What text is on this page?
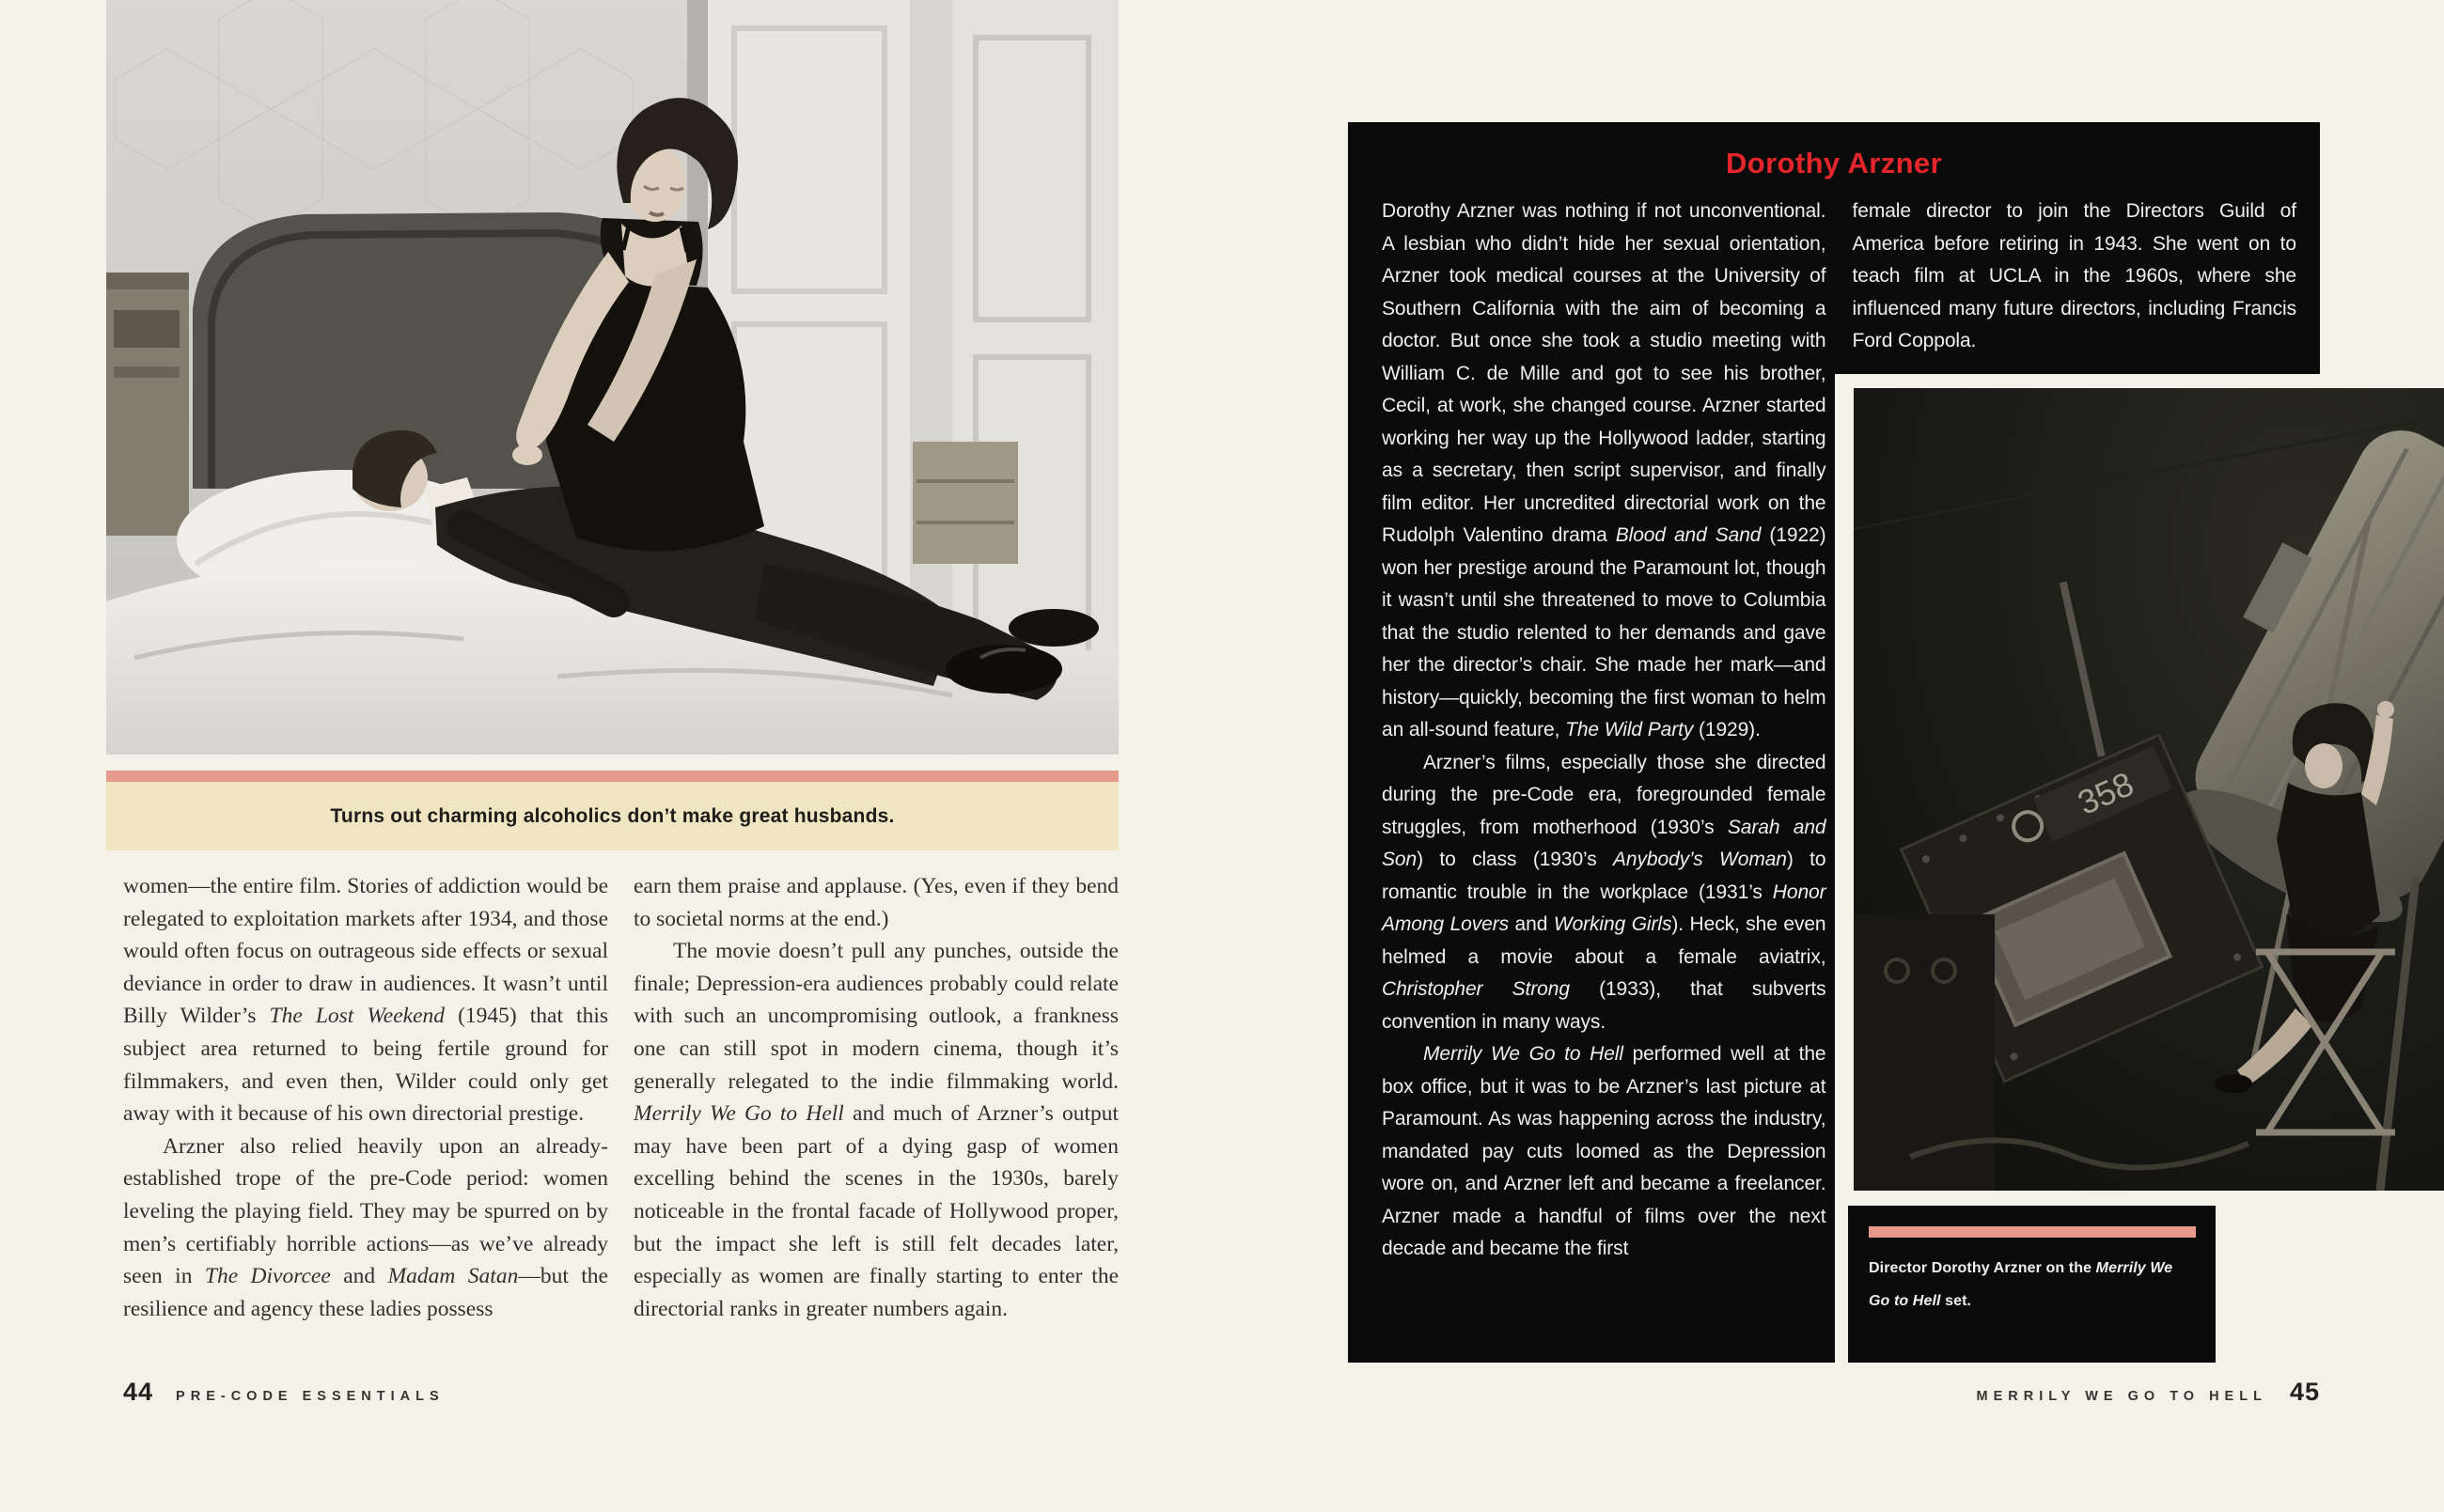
Turns out charming alcoholics don’t make great husbands.

women—the entire film. Stories of addiction would be relegated to exploitation markets after 1934, and those would often focus on outrageous side effects or sexual deviance in order to draw in audiences. It wasn’t until Billy Wilder’s The Lost Weekend (1945) that this subject area returned to being fertile ground for filmmakers, and even then, Wilder could only get away with it because of his own directorial prestige.

Arzner also relied heavily upon an already-established trope of the pre-Code period: women leveling the playing field. They may be spurred on by men’s certifiably horrible actions—as we’ve already seen in The Divorcee and Madam Satan—but the resilience and agency these ladies possess

earn them praise and applause. (Yes, even if they bend to societal norms at the end.)

The movie doesn’t pull any punches, outside the finale; Depression-era audiences probably could relate with such an uncompromising outlook, a frankness one can still spot in modern cinema, though it’s generally relegated to the indie filmmaking world. Merrily We Go to Hell and much of Arzner’s output may have been part of a dying gasp of women excelling behind the scenes in the 1930s, barely noticeable in the frontal facade of Hollywood proper, but the impact she left is still felt decades later, especially as women are finally starting to enter the directorial ranks in greater numbers again.

44 PRE-CODE ESSENTIALS
Dorothy Arzner

Dorothy Arzner was nothing if not unconventional. A lesbian who didn’t hide her sexual orientation, Arzner took medical courses at the University of Southern California with the aim of becoming a doctor. But once she took a studio meeting with William C. de Mille and got to see his brother, Cecil, at work, she changed course. Arzner started working her way up the Hollywood ladder, starting as a secretary, then script supervisor, and finally film editor. Her uncredited directorial work on the Rudolph Valentino drama Blood and Sand (1922) won her prestige around the Paramount lot, though it wasn’t until she threatened to move to Columbia that the studio relented to her demands and gave her the director’s chair. She made her mark—and history—quickly, becoming the first woman to helm an all-sound feature, The Wild Party (1929).

Arzner’s films, especially those she directed during the pre-Code era, foregrounded female struggles, from motherhood (1930’s Sarah and Son) to class (1930’s Anybody’s Woman) to romantic trouble in the workplace (1931’s Honor Among Lovers and Working Girls). Heck, she even helmed a movie about a female aviatrix, Christopher Strong (1933), that subverts convention in many ways.

Merrily We Go to Hell performed well at the box office, but it was to be Arzner’s last picture at Paramount. As was happening across the industry, mandated pay cuts loomed as the Depression wore on, and Arzner left and became a freelancer. Arzner made a handful of films over the next decade and became the first

female director to join the Directors Guild of America before retiring in 1943. She went on to teach film at UCLA in the 1960s, where she influenced many future directors, including Francis Ford Coppola.

358
Director Dorothy Arzner on the Merrily We Go to Hell set.
MERRILY WE GO TO HELL 45
